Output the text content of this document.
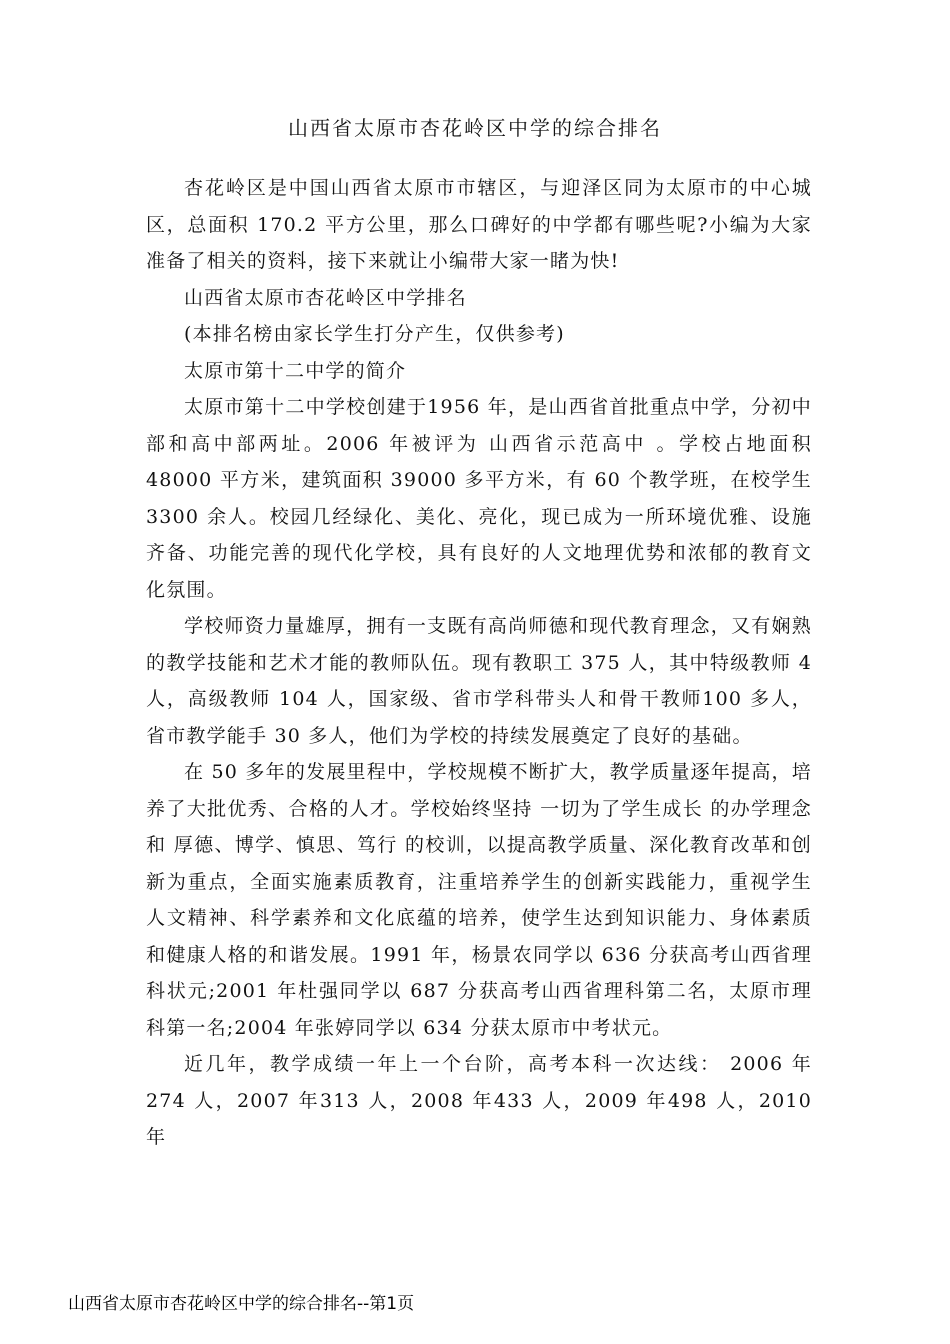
山西省太原市杏花岭区中学的综合排名

杏花岭区是中国山西省太原市市辖区，与迎泽区同为太原市的中心城区，总面积 170.2 平方公里，那么口碑好的中学都有哪些呢?小编为大家准备了相关的资料，接下来就让小编带大家一睹为快!

山西省太原市杏花岭区中学排名

(本排名榜由家长学生打分产生，仅供参考)

太原市第十二中学的简介

太原市第十二中学校创建于1956 年，是山西省首批重点中学，分初中部和高中部两址。2006 年被评为 山西省示范高中 。学校占地面积 48000 平方米，建筑面积 39000 多平方米，有 60 个教学班，在校学生 3300 余人。校园几经绿化、美化、亮化，现已成为一所环境优雅、设施齐备、功能完善的现代化学校，具有良好的人文地理优势和浓郁的教育文化氛围。

学校师资力量雄厚，拥有一支既有高尚师德和现代教育理念，又有娴熟的教学技能和艺术才能的教师队伍。现有教职工 375 人，其中特级教师 4 人，高级教师 104 人，国家级、省市学科带头人和骨干教师100 多人，省市教学能手 30 多人，他们为学校的持续发展奠定了良好的基础。

在 50 多年的发展里程中，学校规模不断扩大，教学质量逐年提高，培养了大批优秀、合格的人才。学校始终坚持 一切为了学生成长 的办学理念和 厚德、博学、慎思、笃行 的校训，以提高教学质量、深化教育改革和创新为重点，全面实施素质教育，注重培养学生的创新实践能力，重视学生人文精神、科学素养和文化底蕴的培养，使学生达到知识能力、身体素质和健康人格的和谐发展。1991 年，杨景农同学以 636 分获高考山西省理科状元;2001 年杜强同学以 687 分获高考山西省理科第二名，太原市理科第一名;2004 年张婷同学以 634 分获太原市中考状元。

近几年，教学成绩一年上一个台阶，高考本科一次达线： 2006 年 274 人，2007 年313 人，2008 年433 人，2009 年498 人，2010 年

山西省太原市杏花岭区中学的综合排名--第1页
